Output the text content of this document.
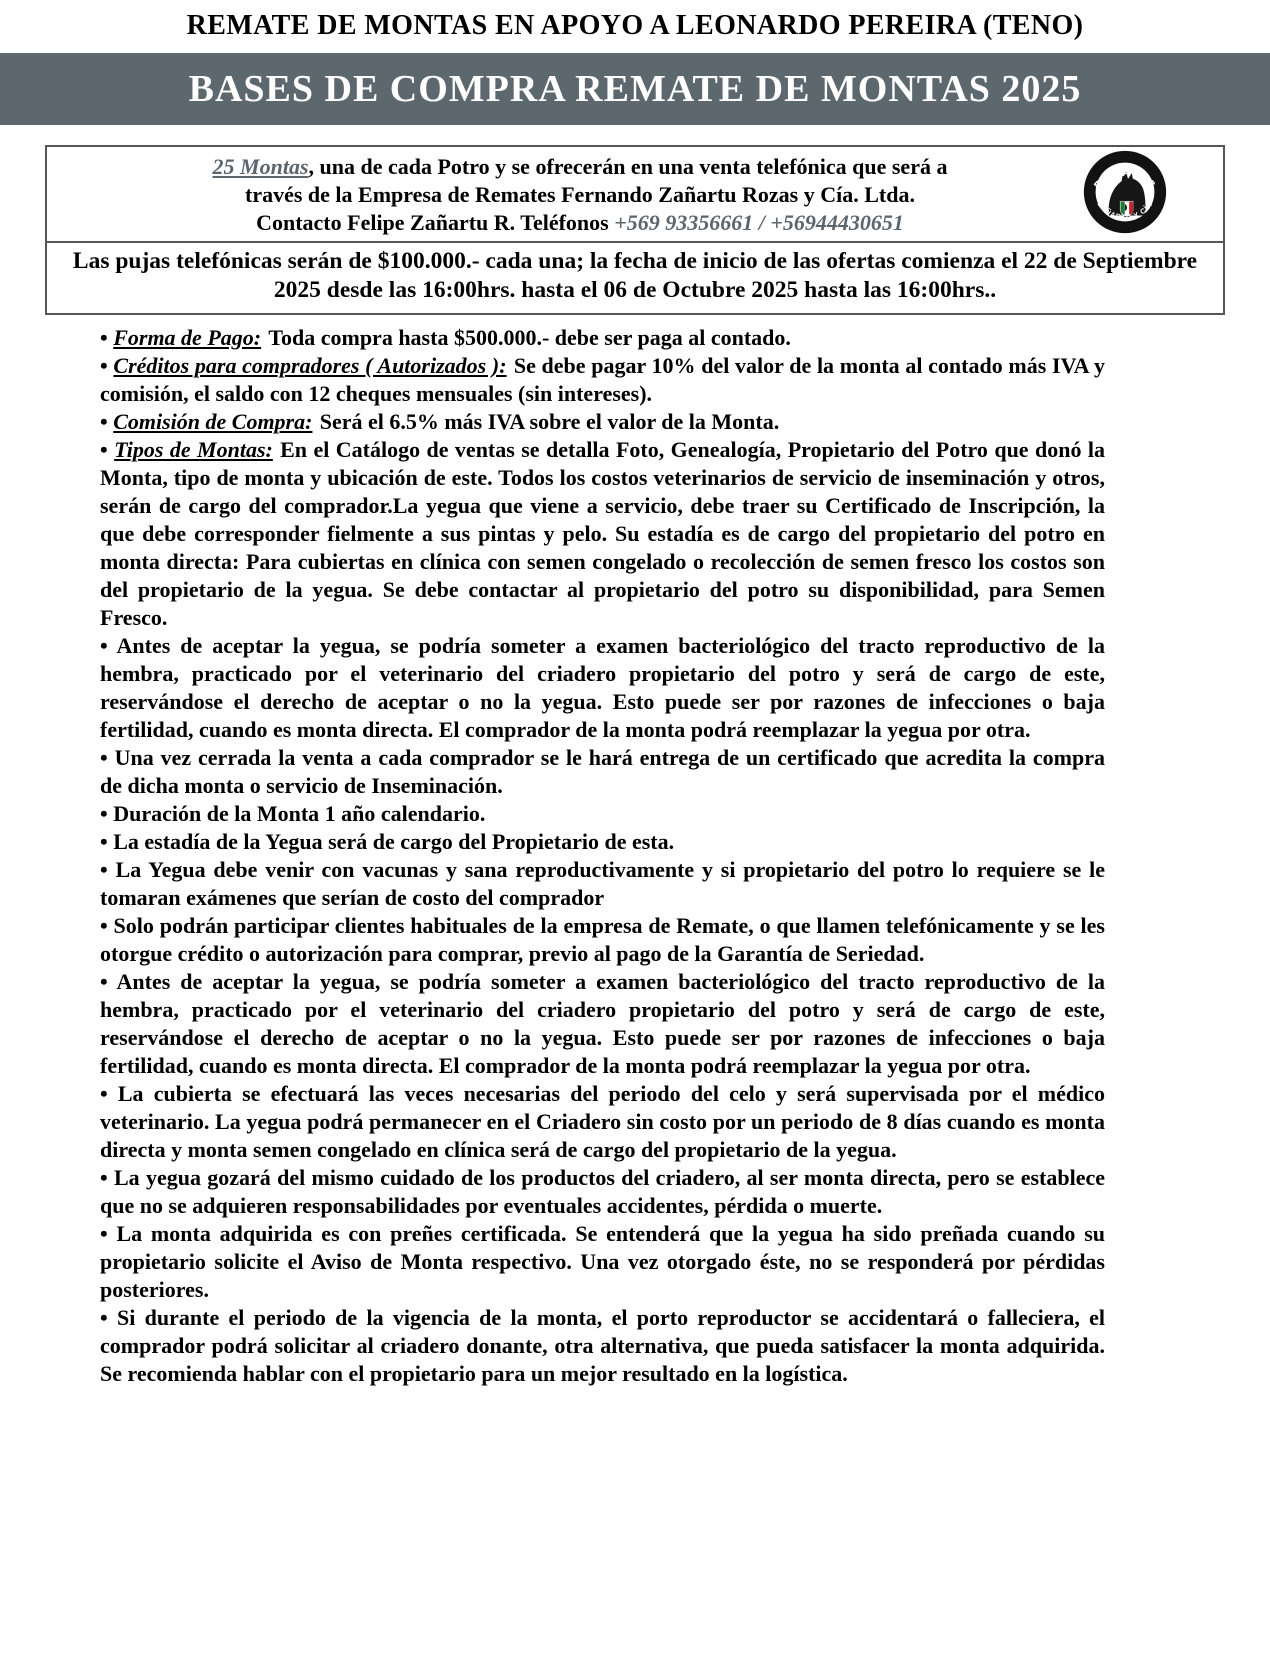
REMATE DE MONTAS EN APOYO A LEONARDO PEREIRA (TENO)
BASES DE COMPRA REMATE DE MONTAS 2025
25 Montas, una de cada Potro y se ofrecerán en una venta telefónica que será a
través de la Empresa de Remates Fernando Zañartu Rozas y Cía. Ltda.
Contacto Felipe Zañartu R. Teléfonos +569 93356661 / +56944430651
REMATES
ZAÑARTU Y CÍA
Las pujas telefónicas serán de $100.000.- cada una; la fecha de inicio de las ofertas comienza el 22 de Septiembre 2025 desde las 16:00hrs. hasta el 06 de Octubre 2025 hasta las 16:00hrs..

• Forma de Pago: Toda compra hasta $500.000.- debe ser paga al contado.

• Créditos para compradores ( Autorizados ): Se debe pagar 10% del valor de la monta al contado más IVA y comisión, el saldo con 12 cheques mensuales (sin intereses).

• Comisión de Compra: Será el 6.5% más IVA sobre el valor de la Monta.

• Tipos de Montas: En el Catálogo de ventas se detalla Foto, Genealogía, Propietario del Potro que donó la Monta, tipo de monta y ubicación de este. Todos los costos veterinarios de servicio de inseminación y otros, serán de cargo del comprador.La yegua que viene a servicio, debe traer su Certificado de Inscripción, la que debe corresponder fielmente a sus pintas y pelo. Su estadía es de cargo del propietario del potro en monta directa: Para cubiertas en clínica con semen congelado o recolección de semen fresco los costos son del propietario de la yegua. Se debe contactar al propietario del potro su disponibilidad, para Semen Fresco.

• Antes de aceptar la yegua, se podría someter a examen bacteriológico del tracto reproductivo de la hembra, practicado por el veterinario del criadero propietario del potro y será de cargo de este, reservándose el derecho de aceptar o no la yegua. Esto puede ser por razones de infecciones o baja fertilidad, cuando es monta directa. El comprador de la monta podrá reemplazar la yegua por otra.

• Una vez cerrada la venta a cada comprador se le hará entrega de un certificado que acredita la compra de dicha monta o servicio de Inseminación.

• Duración de la Monta 1 año calendario.

• La estadía de la Yegua será de cargo del Propietario de esta.

• La Yegua debe venir con vacunas y sana reproductivamente y si propietario del potro lo requiere se le tomaran exámenes que serían de costo del comprador

• Solo podrán participar clientes habituales de la empresa de Remate, o que llamen telefónicamente y se les otorgue crédito o autorización para comprar, previo al pago de la Garantía de Seriedad.

• Antes de aceptar la yegua, se podría someter a examen bacteriológico del tracto reproductivo de la hembra, practicado por el veterinario del criadero propietario del potro y será de cargo de este, reservándose el derecho de aceptar o no la yegua. Esto puede ser por razones de infecciones o baja fertilidad, cuando es monta directa. El comprador de la monta podrá reemplazar la yegua por otra.

• La cubierta se efectuará las veces necesarias del periodo del celo y será supervisada por el médico veterinario. La yegua podrá permanecer en el Criadero sin costo por un periodo de 8 días cuando es monta directa y monta semen congelado en clínica será de cargo del propietario de la yegua.

• La yegua gozará del mismo cuidado de los productos del criadero, al ser monta directa, pero se establece que no se adquieren responsabilidades por eventuales accidentes, pérdida o muerte.

• La monta adquirida es con preñes certificada. Se entenderá que la yegua ha sido preñada cuando su propietario solicite el Aviso de Monta respectivo. Una vez otorgado éste, no se responderá por pérdidas posteriores.

• Si durante el periodo de la vigencia de la monta, el porto reproductor se accidentará o falleciera, el comprador podrá solicitar al criadero donante, otra alternativa, que pueda satisfacer la monta adquirida. Se recomienda hablar con el propietario para un mejor resultado en la logística.
